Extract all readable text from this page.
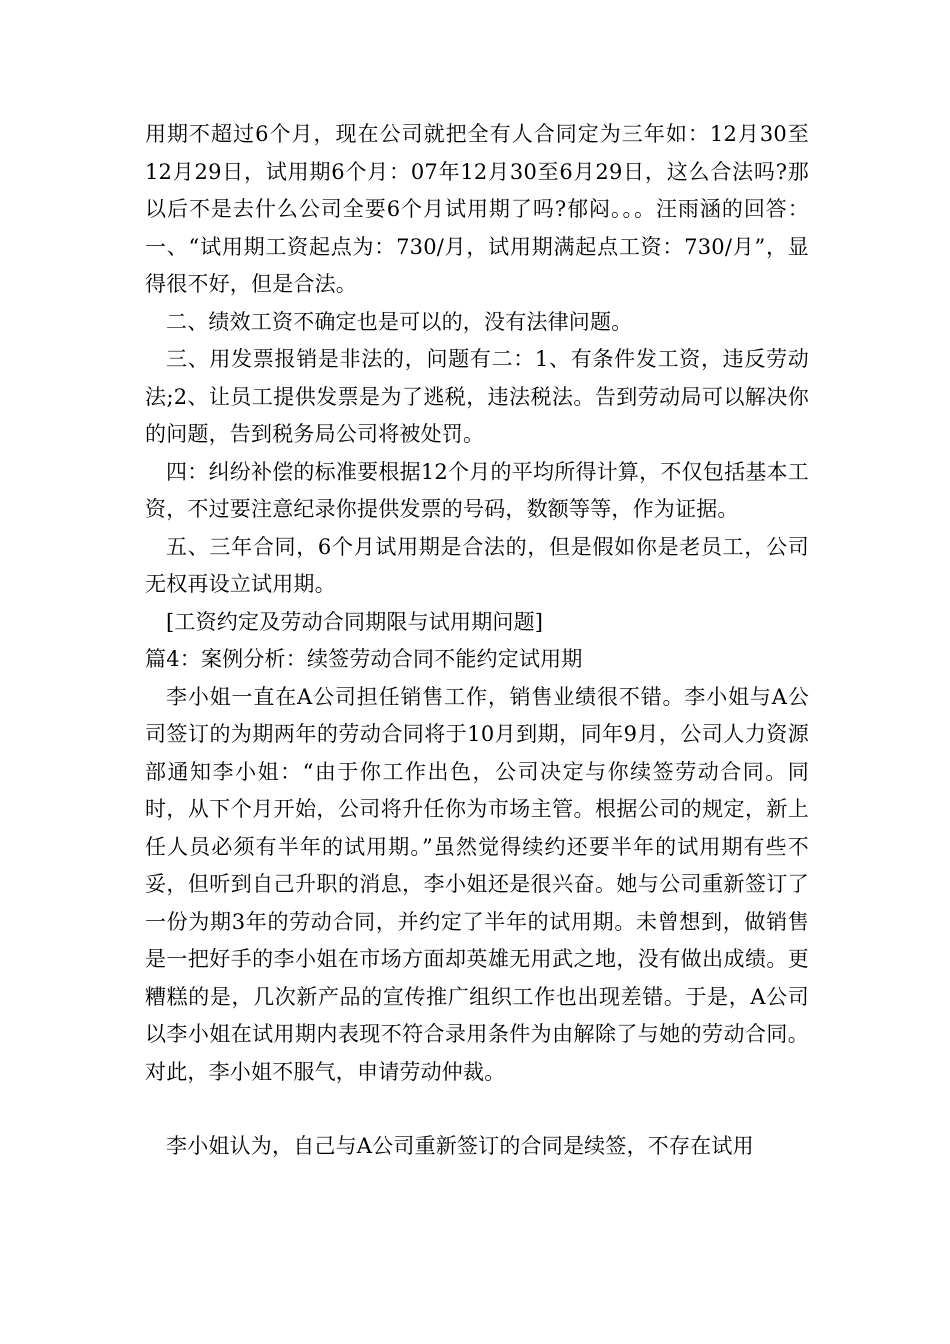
用期不超过6个月，现在公司就把全有人合同定为三年如：12月30至12月29日，试用期6个月：07年12月30至6月29日，这么合法吗?那以后不是去什么公司全要6个月试用期了吗?郁闷。。。汪雨涵的回答：一、“试用期工资起点为：730/月，试用期满起点工资：730/月”，显得很不好，但是合法。

二、绩效工资不确定也是可以的，没有法律问题。

三、用发票报销是非法的，问题有二：1、有条件发工资，违反劳动法;2、让员工提供发票是为了逃税，违法税法。告到劳动局可以解决你的问题，告到税务局公司将被处罚。

四：纠纷补偿的标准要根据12个月的平均所得计算，不仅包括基本工资，不过要注意纪录你提供发票的号码，数额等等，作为证据。

五、三年合同，6个月试用期是合法的，但是假如你是老员工，公司无权再设立试用期。

[工资约定及劳动合同期限与试用期问题]

篇4：案例分析：续签劳动合同不能约定试用期

李小姐一直在A公司担任销售工作，销售业绩很不错。李小姐与A公司签订的为期两年的劳动合同将于10月到期，同年9月，公司人力资源部通知李小姐：“由于你工作出色，公司决定与你续签劳动合同。同时，从下个月开始，公司将升任你为市场主管。根据公司的规定，新上任人员必须有半年的试用期。”虽然觉得续约还要半年的试用期有些不妥，但听到自己升职的消息，李小姐还是很兴奋。她与公司重新签订了一份为期3年的劳动合同，并约定了半年的试用期。未曾想到，做销售是一把好手的李小姐在市场方面却英雄无用武之地，没有做出成绩。更糟糕的是，几次新产品的宣传推广组织工作也出现差错。于是，A公司以李小姐在试用期内表现不符合录用条件为由解除了与她的劳动合同。对此，李小姐不服气，申请劳动仲裁。

李小姐认为，自己与A公司重新签订的合同是续签，不存在试用
